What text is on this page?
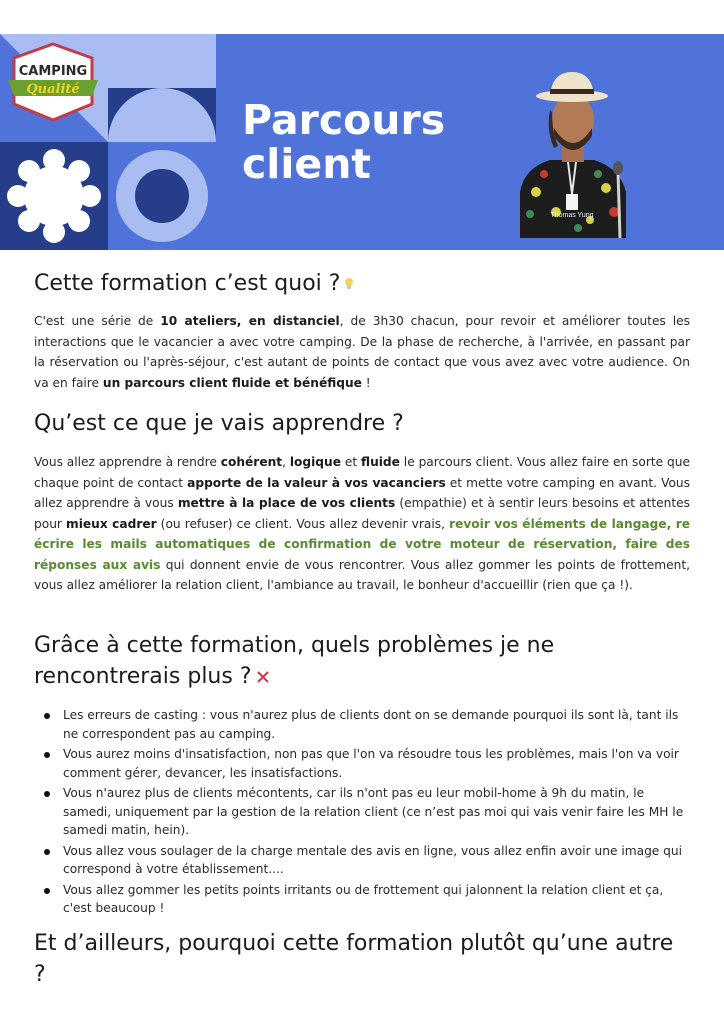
CAMPING
Qualité
Parcours
client
Thomas Yung
Cette formation c’est quoi ?

C'est une série de 10 ateliers, en distanciel, de 3h30 chacun, pour revoir et améliorer toutes les interactions que le vacancier a avec votre camping. De la phase de recherche, à l'arrivée, en passant par la réservation ou l'après-séjour, c'est autant de points de contact que vous avez avec votre audience. On va en faire un parcours client fluide et bénéfique !

Qu’est ce que je vais apprendre ?

Vous allez apprendre à rendre cohérent, logique et fluide le parcours client. Vous allez faire en sorte que chaque point de contact apporte de la valeur à vos vacanciers et mette votre camping en avant. Vous allez apprendre à vous mettre à la place de vos clients (empathie) et à sentir leurs besoins et attentes pour mieux cadrer (ou refuser) ce client. Vous allez devenir vrais, revoir vos éléments de langage, re écrire les mails automatiques de confirmation de votre moteur de réservation, faire des réponses aux avis qui donnent envie de vous rencontrer. Vous allez gommer les points de frottement, vous allez améliorer la relation client, l'ambiance au travail, le bonheur d'accueillir (rien que ça !).

Grâce à cette formation, quels problèmes je ne rencontrerais plus ?
Les erreurs de casting : vous n'aurez plus de clients dont on se demande pourquoi ils sont là, tant ils ne correspondent pas au camping.
Vous aurez moins d'insatisfaction, non pas que l'on va résoudre tous les problèmes, mais l'on va voir comment gérer, devancer, les insatisfactions.
Vous n'aurez plus de clients mécontents, car ils n'ont pas eu leur mobil-home à 9h du matin, le samedi, uniquement par la gestion de la relation client (ce n’est pas moi qui vais venir faire les MH le samedi matin, hein).
Vous allez vous soulager de la charge mentale des avis en ligne, vous allez enfin avoir une image qui correspond à votre établissement....
Vous allez gommer les petits points irritants ou de frottement qui jalonnent la relation client et ça, c'est beaucoup !
Et d’ailleurs, pourquoi cette formation plutôt qu’une autre ?
